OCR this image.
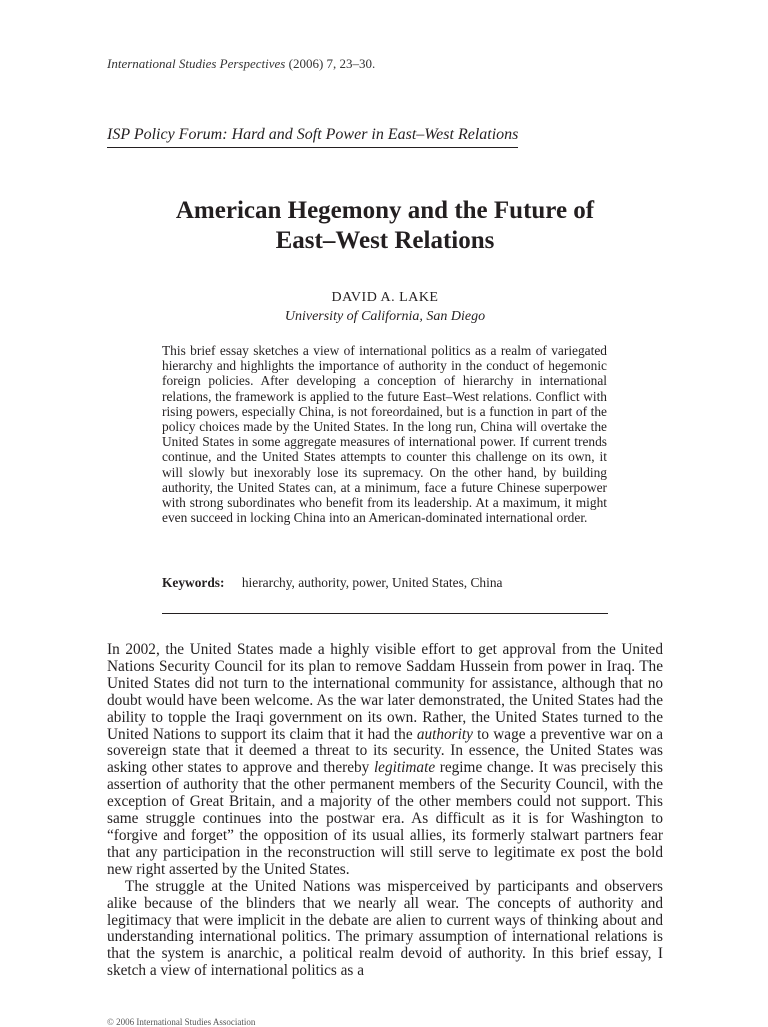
International Studies Perspectives (2006) 7, 23–30.
ISP Policy Forum: Hard and Soft Power in East–West Relations
American Hegemony and the Future of
East–West Relations
DAVID A. LAKE
University of California, San Diego
This brief essay sketches a view of international politics as a realm of variegated hierarchy and highlights the importance of authority in the conduct of hegemonic foreign policies. After developing a conception of hierarchy in international relations, the framework is applied to the future East–West relations. Conflict with rising powers, especially China, is not foreordained, but is a function in part of the policy choices made by the United States. In the long run, China will overtake the United States in some aggregate measures of international power. If current trends continue, and the United States attempts to counter this challenge on its own, it will slowly but inexorably lose its supremacy. On the other hand, by building authority, the United States can, at a minimum, face a future Chinese superpower with strong subordinates who benefit from its leadership. At a maximum, it might even succeed in locking China into an American-dominated international order.
Keywords: hierarchy, authority, power, United States, China

In 2002, the United States made a highly visible effort to get approval from the United Nations Security Council for its plan to remove Saddam Hussein from power in Iraq. The United States did not turn to the international community for assistance, although that no doubt would have been welcome. As the war later demonstrated, the United States had the ability to topple the Iraqi government on its own. Rather, the United States turned to the United Nations to support its claim that it had the authority to wage a preventive war on a sovereign state that it deemed a threat to its security. In essence, the United States was asking other states to approve and thereby legitimate regime change. It was precisely this assertion of authority that the other permanent members of the Security Council, with the exception of Great Britain, and a majority of the other members could not support. This same struggle continues into the postwar era. As difficult as it is for Washington to “forgive and forget” the opposition of its usual allies, its formerly stalwart partners fear that any participation in the reconstruction will still serve to legitimate ex post the bold new right asserted by the United States.

The struggle at the United Nations was misperceived by participants and observers alike because of the blinders that we nearly all wear. The concepts of authority and legitimacy that were implicit in the debate are alien to current ways of thinking about and understanding international politics. The primary assumption of international relations is that the system is anarchic, a political realm devoid of authority. In this brief essay, I sketch a view of international politics as a

© 2006 International Studies Association
